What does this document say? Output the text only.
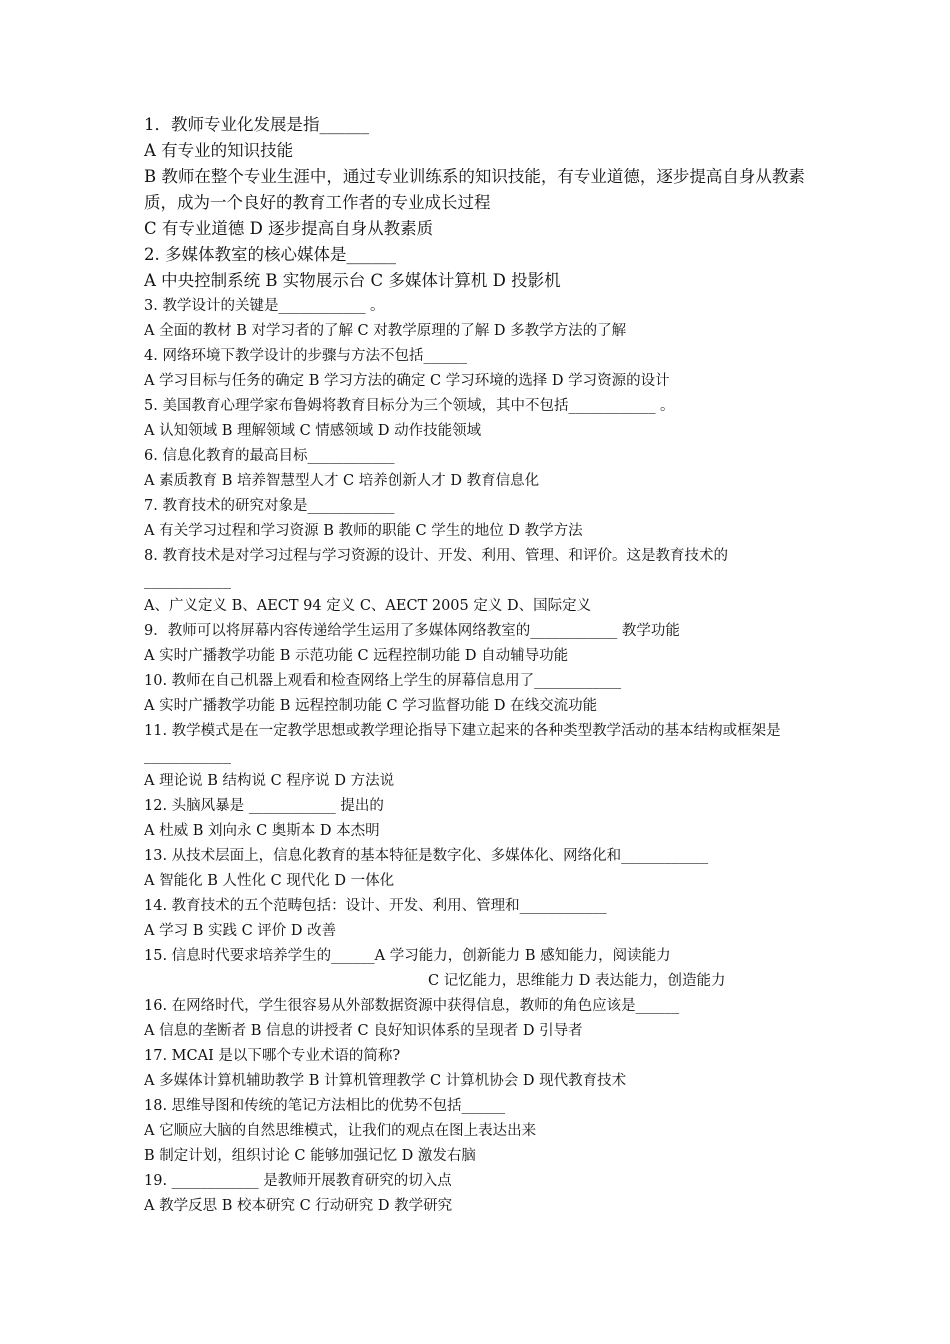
1．教师专业化发展是指______
A 有专业的知识技能
B 教师在整个专业生涯中，通过专业训练系的知识技能，有专业道德，逐步提高自身从教素质，成为一个良好的教育工作者的专业成长过程
C 有专业道德 D 逐步提高自身从教素质
2. 多媒体教室的核心媒体是______
A 中央控制系统 B 实物展示台 C 多媒体计算机 D 投影机
3. 教学设计的关键是____________ 。
A 全面的教材 B 对学习者的了解 C 对教学原理的了解 D 多教学方法的了解
4. 网络环境下教学设计的步骤与方法不包括______
A 学习目标与任务的确定 B 学习方法的确定 C 学习环境的选择 D 学习资源的设计
5. 美国教育心理学家布鲁姆将教育目标分为三个领域，其中不包括____________ 。
A 认知领域 B 理解领域 C 情感领域 D 动作技能领域
6. 信息化教育的最高目标____________
A 素质教育 B 培养智慧型人才 C 培养创新人才 D 教育信息化
7. 教育技术的研究对象是____________
A 有关学习过程和学习资源 B 教师的职能 C 学生的地位 D 教学方法
8. 教育技术是对学习过程与学习资源的设计、开发、利用、管理、和评价。这是教育技术的____________
A、广义定义 B、AECT 94 定义 C、AECT 2005 定义 D、国际定义
9．教师可以将屏幕内容传递给学生运用了多媒体网络教室的____________ 教学功能
A 实时广播教学功能 B 示范功能 C 远程控制功能 D 自动辅导功能
10. 教师在自己机器上观看和检查网络上学生的屏幕信息用了____________
A 实时广播教学功能 B 远程控制功能 C 学习监督功能 D 在线交流功能
11. 教学模式是在一定教学思想或教学理论指导下建立起来的各种类型教学活动的基本结构或框架是____________
A 理论说 B 结构说 C 程序说 D 方法说
12. 头脑风暴是 ____________ 提出的
A 杜威 B 刘向永 C 奥斯本 D 本杰明
13. 从技术层面上，信息化教育的基本特征是数字化、多媒体化、网络化和____________
A 智能化 B 人性化 C 现代化 D 一体化
14. 教育技术的五个范畴包括：设计、开发、利用、管理和____________
A 学习 B 实践 C 评价 D 改善
15. 信息时代要求培养学生的______A 学习能力，创新能力 B 感知能力，阅读能力
C 记忆能力，思维能力 D 表达能力，创造能力
16. 在网络时代，学生很容易从外部数据资源中获得信息，教师的角色应该是______
A 信息的垄断者 B 信息的讲授者 C 良好知识体系的呈现者 D 引导者
17. MCAI 是以下哪个专业术语的简称?
A 多媒体计算机辅助教学 B 计算机管理教学 C 计算机协会 D 现代教育技术
18. 思维导图和传统的笔记方法相比的优势不包括______
A 它顺应大脑的自然思维模式，让我们的观点在图上表达出来
B 制定计划，组织讨论 C 能够加强记忆 D 激发右脑
19. ____________ 是教师开展教育研究的切入点
A 教学反思 B 校本研究 C 行动研究 D 教学研究
